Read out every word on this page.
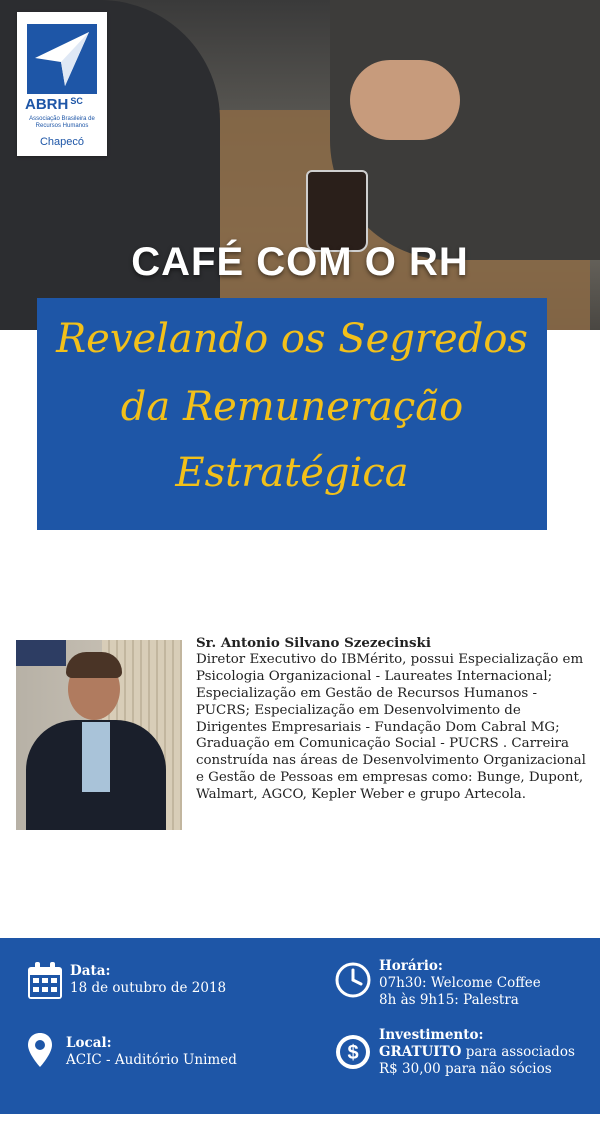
ABRH $^{SC}$
Associação Brasileira de Recursos Humanos
Chapecó
CAFÉ COM O RH
Revelando os Segredos
da Remuneração
Estratégica

Sr. Antonio Silvano Szezecinski

Diretor Executivo do IBMérito, possui Especialização em Psicologia Organizacional - Laureates Internacional; Especialização em Gestão de Recursos Humanos - PUCRS; Especialização em Desenvolvimento de Dirigentes Empresariais - Fundação Dom Cabral MG; Graduação em Comunicação Social - PUCRS . Carreira construída nas áreas de Desenvolvimento Organizacional e Gestão de Pessoas em empresas como: Bunge, Dupont, Walmart, AGCO, Kepler Weber e grupo Artecola.

Data:
18 de outubro de 2018
Horário:
07h30: Welcome Coffee
8h às 9h15: Palestra
Local:
ACIC - Auditório Unimed	$
Investimento:
GRATUITO para associados
R$ 30,00 para não sócios
